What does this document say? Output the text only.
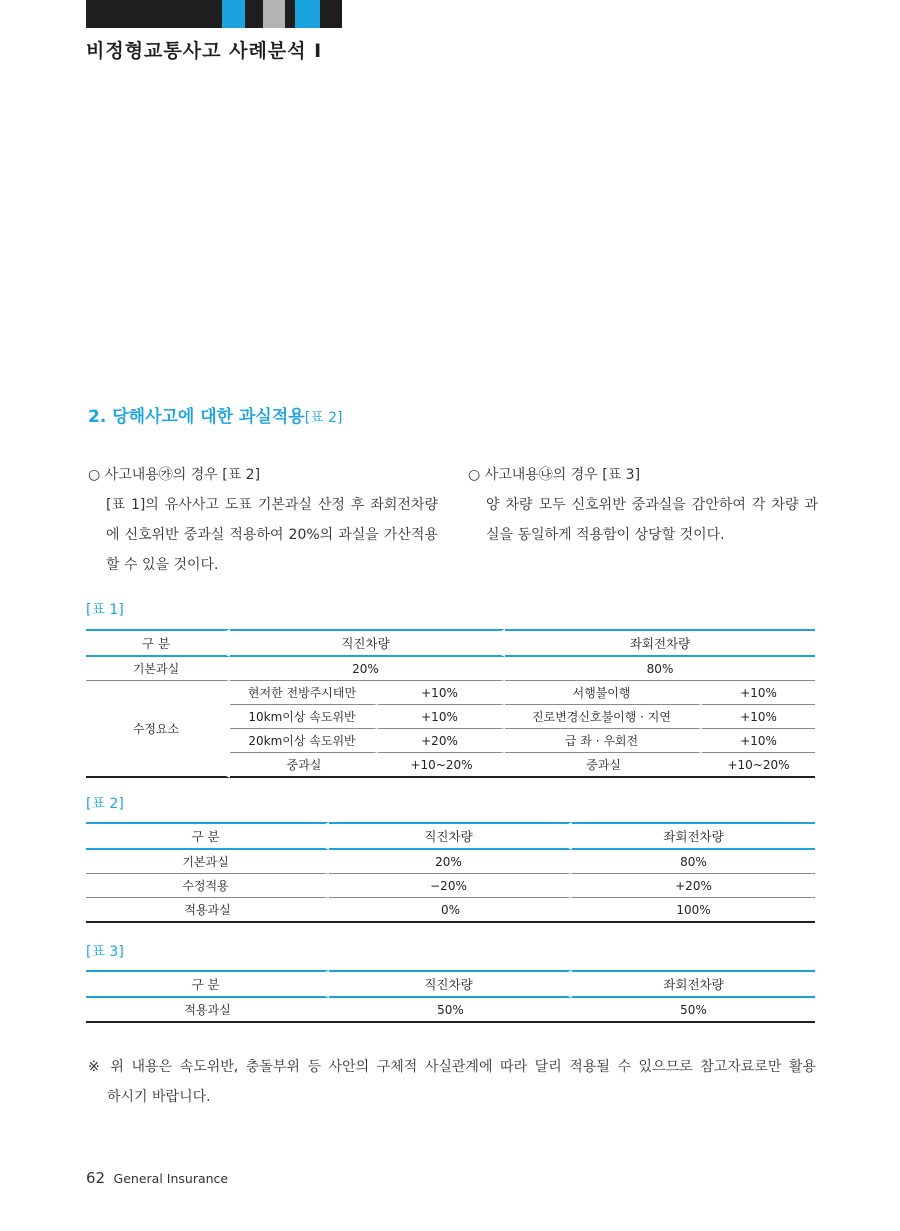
비정형교통사고 사례분석 Ⅰ
2. 당해사고에 대한 과실적용[표 2]
○ 사고내용㉮의 경우 [표 2]
[표 1]의 유사사고 도표 기본과실 산정 후 좌회전차량에 신호위반 중과실 적용하여 20%의 과실을 가산적용 할 수 있을 것이다.
○ 사고내용㉯의 경우 [표 3]
양 차량 모두 신호위반 중과실을 감안하여 각 차량 과실을 동일하게 적용함이 상당할 것이다.
[표 1]
구 분	직진차량		좌회전차량	
기본과실	20%		80%	
수정요소	현저한 전방주시태만	+10%	서행불이행	+10%
	10km이상 속도위반	+10%	진로변경신호불이행 · 지연	+10%
	20km이상 속도위반	+20%	급 좌 · 우회전	+10%
	중과실	+10~20%	중과실	+10~20%
[표 2]
구 분	직진차량	좌회전차량
기본과실	20%	80%
수정적용	−20%	+20%
적용과실	0%	100%
[표 3]
구 분	직진차량	좌회전차량
적용과실	50%	50%
※ 위 내용은 속도위반, 충돌부위 등 사안의 구체적 사실관계에 따라 달리 적용될 수 있으므로 참고자료로만 활용
하시기 바랍니다.
62 General Insurance
